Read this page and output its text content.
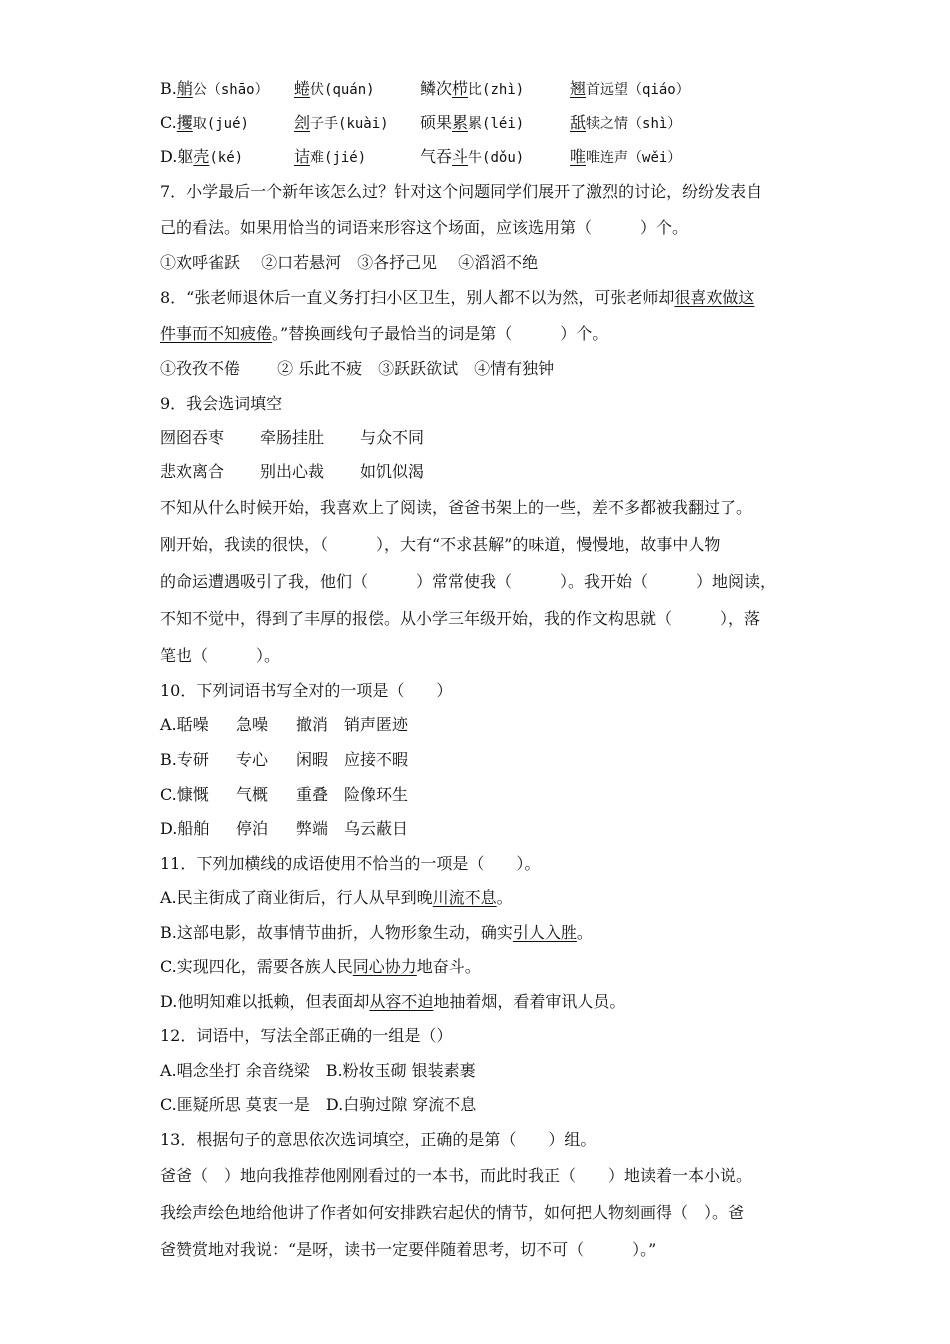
B.艄公（shāo） 蜷伏(quán)	鳞次栉比(zhì)	翘首远望（qiáo）
C.攫取(jué)	刽子手(kuài) 硕果累累(léi)	舐犊之情（shì）
D.躯壳(ké)	诘难(jié)	气吞斗牛(dǒu)	唯唯连声（wěi）
7．小学最后一个新年该怎么过？针对这个问题同学们展开了激烈的讨论，纷纷发表自
己的看法。如果用恰当的词语来形容这个场面，应该选用第（　　　）个。
①欢呼雀跃　 ②口若悬河　③各抒己见　 ④滔滔不绝
8．“张老师退休后一直义务打扫小区卫生，别人都不以为然，可张老师却很喜欢做这
件事而不知疲倦。”替换画线句子最恰当的词是第（　　　）个。
①孜孜不倦　　 ② 乐此不疲　③跃跃欲试　④情有独钟
9．我会选词填空
囫囵吞枣 牵肠挂肚 与众不同
悲欢离合 别出心裁 如饥似渴
不知从什么时候开始，我喜欢上了阅读，爸爸书架上的一些，差不多都被我翻过了。
刚开始，我读的很快，（　　　），大有“不求甚解”的味道，慢慢地，故事中人物
的命运遭遇吸引了我，他们（　　　）常常使我（　　　）。我开始（　　　）地阅读，
不知不觉中，得到了丰厚的报偿。从小学三年级开始，我的作文构思就（　　　），落
笔也（　　　）。
10．下列词语书写全对的一项是（　　）
A.聒噪 急噪 撤消 销声匿迹
B.专研 专心 闲暇 应接不暇
C.慷慨 气概 重叠 险像环生
D.船舶 停泊 弊端 乌云蔽日
11．下列加横线的成语使用不恰当的一项是（　　）。
A.民主街成了商业街后，行人从早到晚川流不息。
B.这部电影，故事情节曲折，人物形象生动，确实引人入胜。
C.实现四化，需要各族人民同心协力地奋斗。
D.他明知难以抵赖，但表面却从容不迫地抽着烟，看着审讯人员。
12．词语中，写法全部正确的一组是（）
A.唱念坐打 余音绕梁　B.粉妆玉砌 银装素裹
C.匪疑所思 莫衷一是　D.白驹过隙 穿流不息
13．根据句子的意思依次选词填空，正确的是第（　　）组。
爸爸（　）地向我推荐他刚刚看过的一本书，而此时我正（　　）地读着一本小说。
我绘声绘色地给他讲了作者如何安排跌宕起伏的情节，如何把人物刻画得（　）。爸
爸赞赏地对我说：“是呀，读书一定要伴随着思考，切不可（　　　）。”
